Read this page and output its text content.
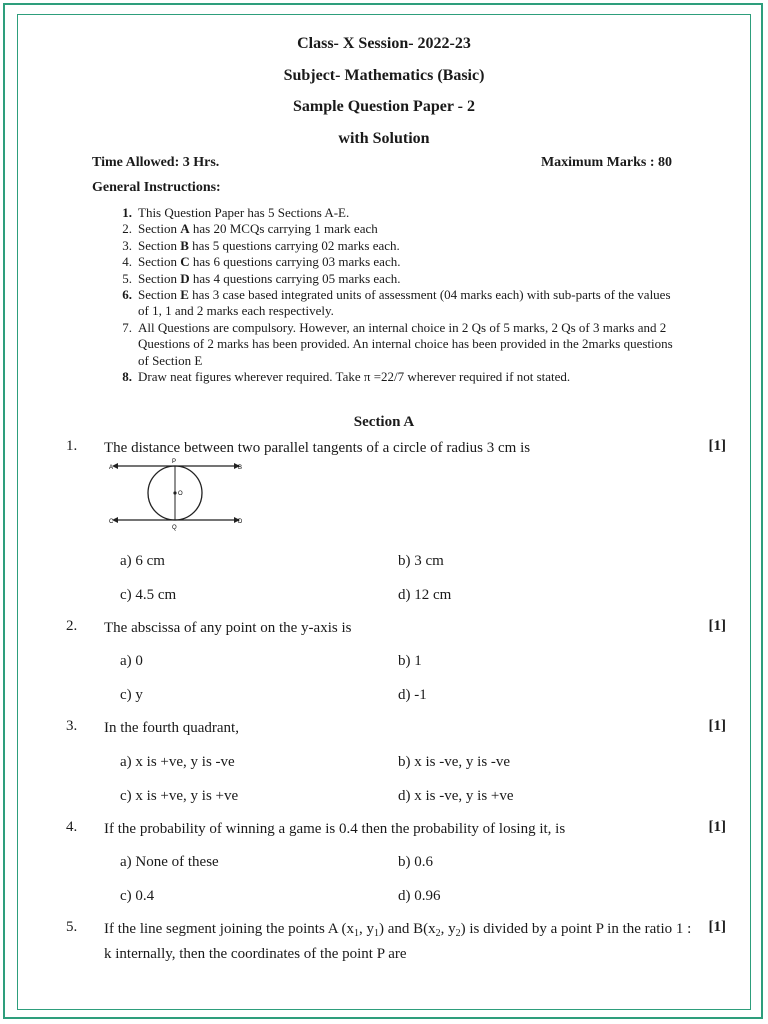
Class- X Session- 2022-23
Subject- Mathematics (Basic)
Sample Question Paper - 2
with Solution
Time Allowed: 3 Hrs.	Maximum Marks : 80
General Instructions:
1. This Question Paper has 5 Sections A-E.
2. Section A has 20 MCQs carrying 1 mark each
3. Section B has 5 questions carrying 02 marks each.
4. Section C has 6 questions carrying 03 marks each.
5. Section D has 4 questions carrying 05 marks each.
6. Section E has 3 case based integrated units of assessment (04 marks each) with sub-parts of the values of 1, 1 and 2 marks each respectively.
7. All Questions are compulsory. However, an internal choice in 2 Qs of 5 marks, 2 Qs of 3 marks and 2 Questions of 2 marks has been provided. An internal choice has been provided in the 2marks questions of Section E
8. Draw neat figures wherever required. Take π =22/7 wherever required if not stated.
Section A
1. The distance between two parallel tangents of a circle of radius 3 cm is	[1]
A	B
C	D
P
Q
O
a) 6 cm	b) 3 cm
c) 4.5 cm	d) 12 cm
2. The abscissa of any point on the y-axis is	[1]
a) 0	b) 1
c) y	d) -1
3. In the fourth quadrant,	[1]
a) x is +ve, y is -ve	b) x is -ve, y is -ve
c) x is +ve, y is +ve	d) x is -ve, y is +ve
4. If the probability of winning a game is 0.4 then the probability of losing it, is	[1]
a) None of these	b) 0.6
c) 0.4	d) 0.96
5. If the line segment joining the points A ($x_1$, $y_1$) and $B(x_2$, $y_2$) is divided by a point P in the ratio 1 : k internally, then the coordinates of the point P are
[1]
